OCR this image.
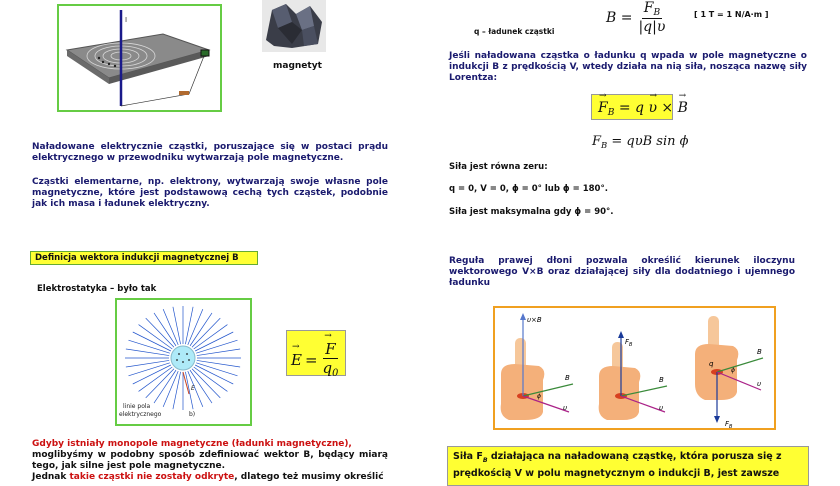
I
magnetyt
Naładowane elektrycznie cząstki, poruszające się w postaci prądu elektrycznego w przewodniku wytwarzają pole magnetyczne.
Cząstki elementarne, np. elektrony, wytwarzają swoje własne pole magnetyczne, które jest podstawową cechą tych cząstek, podobnie jak ich masa i ładunek elektryczny.
Definicja wektora indukcji magnetycznej B
Elektrostatyka – było tak
E
linie pola
elektrycznego	b)
→ E =
→ $\frac{F}{q_0}$
Gdyby istniały monopole magnetyczne (ładunki magnetyczne),
moglibyśmy w podobny sposób zdefiniować wektor B, będący miarą tego, jak silne jest pole magnetyczne.
Jednak takie cząstki nie zostały odkryte, dlatego też musimy określić
q – ładunek cząstki
$B = \frac{F_B}{|q|\upsilon}$	[ 1 T = 1 N/A·m ]
Jeśli naładowana cząstka o ładunku q wpada w pole magnetyczne o indukcji B z prędkością V, wtedy działa na nią siła, nosząca nazwę siły Lorentza:
→ $F_B = q \to \upsilon$ × → B
$F_B = q\upsilon B$ sin ϕ
Siła jest równa zeru:
q = 0, V = 0, ϕ = 0° lub ϕ = 180°.
Siła jest maksymalna gdy ϕ = 90°.
Reguła prawej dłoni pozwala określić kierunek iloczynu wektorowego V×B oraz działającej siły dla dodatniego i ujemnego ładunku
υ×B
B
υ
ϕ
$F_B$
B
υ
q
$F_B$
B
υ
ϕ
Siła $F_B$ działająca na naładowaną cząstkę, która porusza się z
prędkością V w polu magnetycznym o indukcji B, jest zawsze
